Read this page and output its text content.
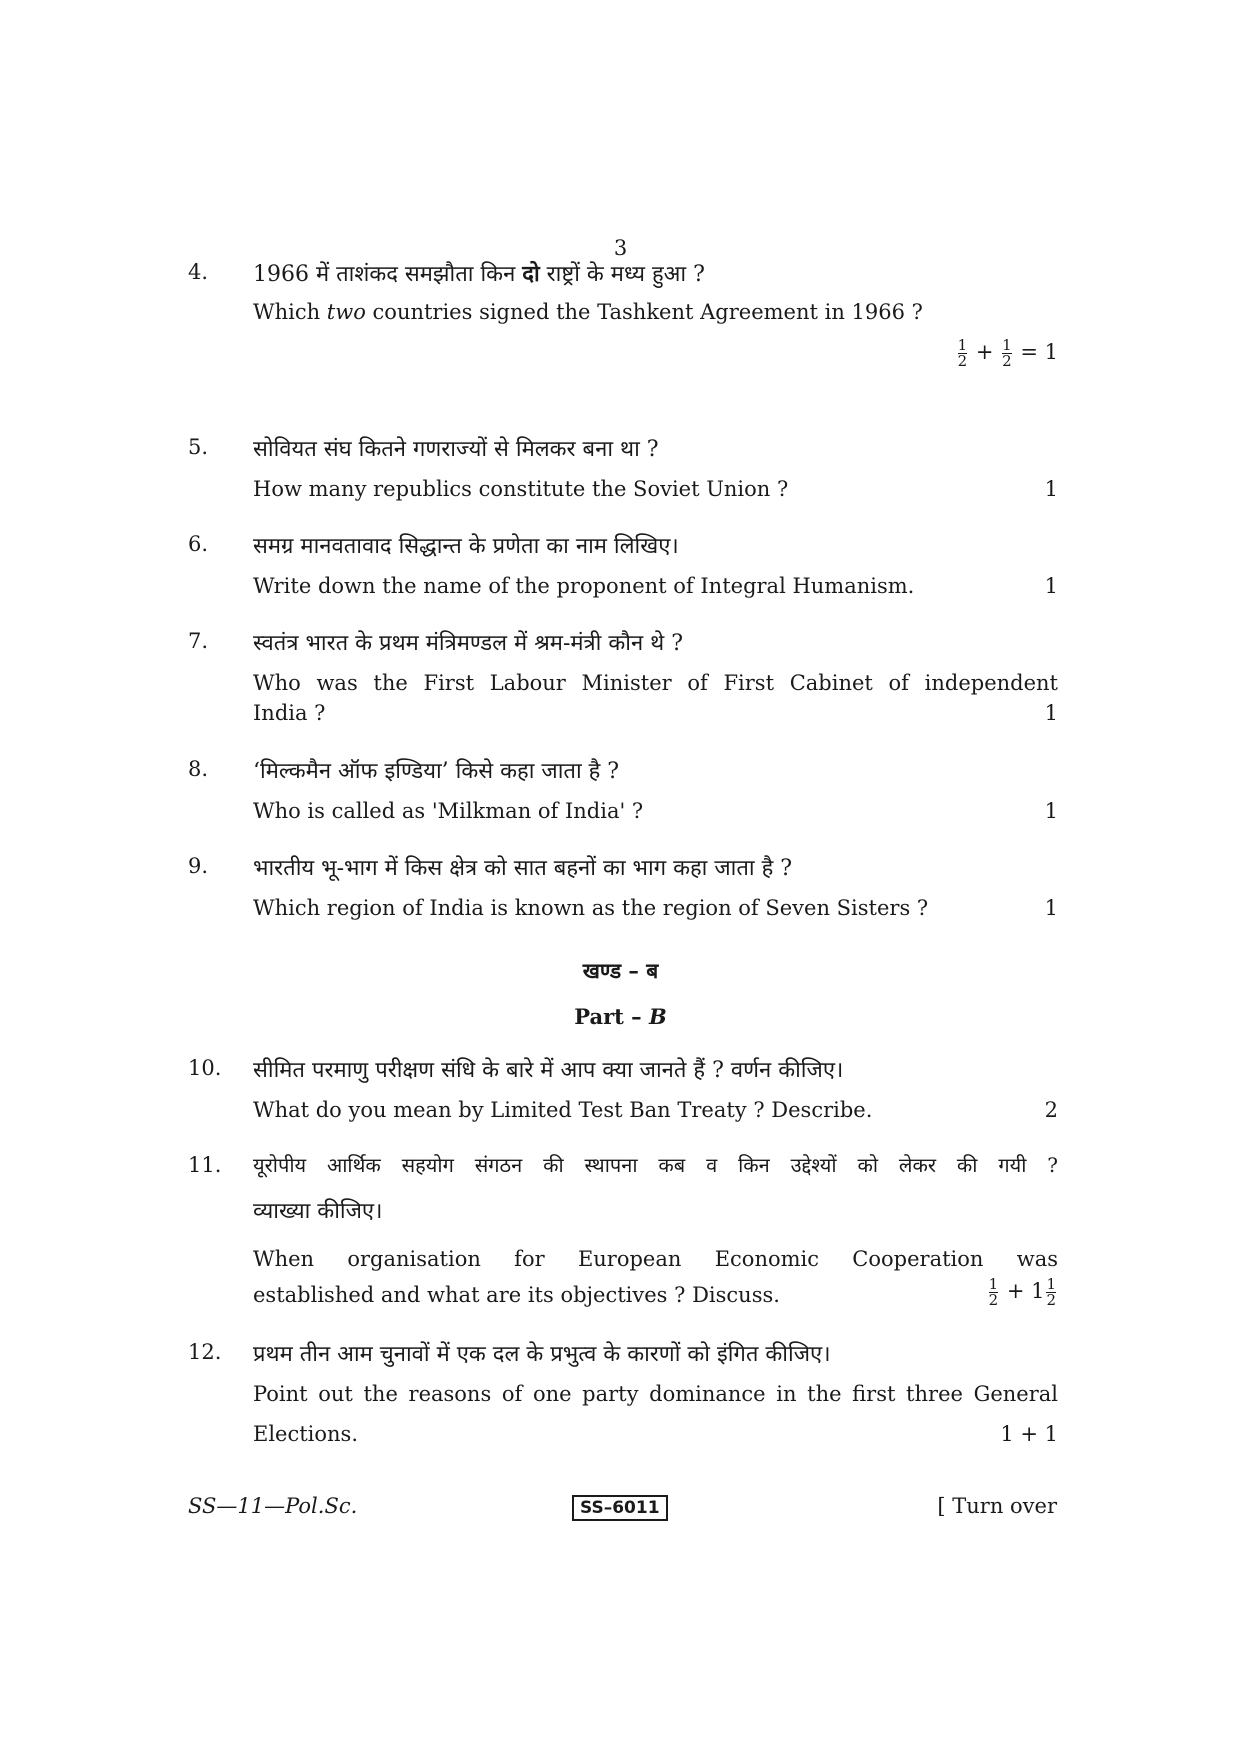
3
4. 1966 में ताशंकद समझौता किन दो राष्ट्रों के मध्य हुआ ?
Which two countries signed the Tashkent Agreement in 1966 ?
$\frac{1}{2} + \frac{1}{2} = 1$
5. सोवियत संघ कितने गणराज्यों से मिलकर बना था ?
How many republics constitute the Soviet Union ?	1
6. समग्र मानवतावाद सिद्धान्त के प्रणेता का नाम लिखिए।
Write down the name of the proponent of Integral Humanism.	1
7. स्वतंत्र भारत के प्रथम मंत्रिमण्डल में श्रम-मंत्री कौन थे ?
Who was the First Labour Minister of First Cabinet of independent
India ?	1
8. ‘मिल्कमैन ऑफ इण्डिया’ किसे कहा जाता है ?
Who is called as 'Milkman of India' ?	1
9. भारतीय भू-भाग में किस क्षेत्र को सात बहनों का भाग कहा जाता है ?
Which region of India is known as the region of Seven Sisters ?	1
खण्ड – ब
Part – B
10. सीमित परमाणु परीक्षण संधि के बारे में आप क्या जानते हैं ? वर्णन कीजिए।
What do you mean by Limited Test Ban Treaty ? Describe.	2
11. यूरोपीय आर्थिक सहयोग संगठन की स्थापना कब व किन उद्देश्यों को लेकर की गयी ?
व्याख्या कीजिए।
When organisation for European Economic Cooperation was
established and what are its objectives ? Discuss.	$\frac{1}{2} + 1 \frac{1}{2}$
12. प्रथम तीन आम चुनावों में एक दल के प्रभुत्व के कारणों को इंगित कीजिए।
Point out the reasons of one party dominance in the first three General
Elections.	1 + 1
SS—11—Pol.Sc.	SS–6011	[ Turn over
